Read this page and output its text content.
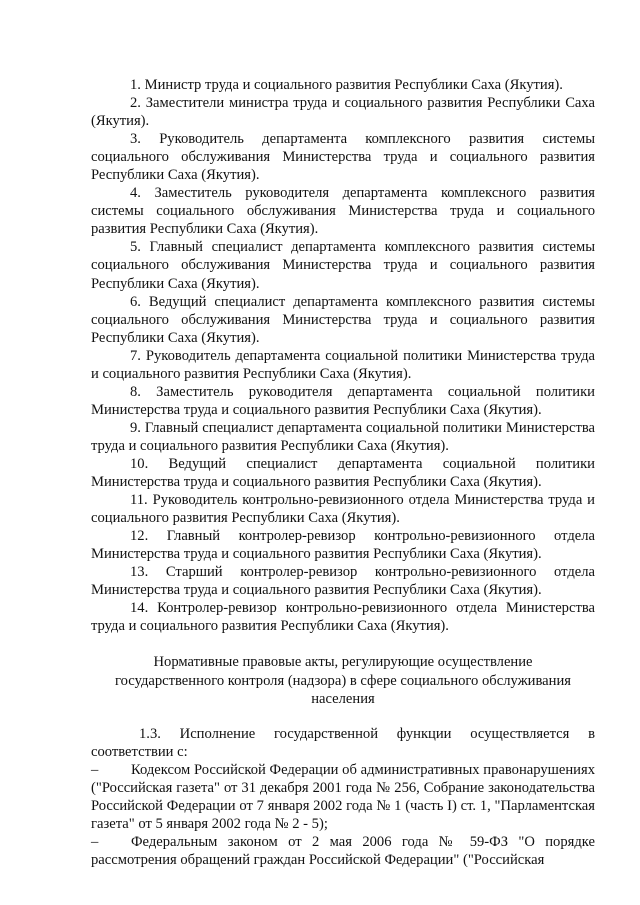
1. Министр труда и социального развития Республики Саха (Якутия).

2. Заместители министра труда и социального развития Республики Саха (Якутия).

3. Руководитель департамента комплексного развития системы социального обслуживания Министерства труда и социального развития Республики Саха (Якутия).

4. Заместитель руководителя департамента комплексного развития системы социального обслуживания Министерства труда и социального развития Республики Саха (Якутия).

5. Главный специалист департамента комплексного развития системы социального обслуживания Министерства труда и социального развития Республики Саха (Якутия).

6. Ведущий специалист департамента комплексного развития системы социального обслуживания Министерства труда и социального развития Республики Саха (Якутия).

7. Руководитель департамента социальной политики Министерства труда и социального развития Республики Саха (Якутия).

8. Заместитель руководителя департамента социальной политики Министерства труда и социального развития Республики Саха (Якутия).

9. Главный специалист департамента социальной политики Министерства труда и социального развития Республики Саха (Якутия).

10. Ведущий специалист департамента социальной политики Министерства труда и социального развития Республики Саха (Якутия).

11. Руководитель контрольно-ревизионного отдела Министерства труда и социального развития Республики Саха (Якутия).

12. Главный контролер-ревизор контрольно-ревизионного отдела Министерства труда и социального развития Республики Саха (Якутия).

13. Старший контролер-ревизор контрольно-ревизионного отдела Министерства труда и социального развития Республики Саха (Якутия).

14. Контролер-ревизор контрольно-ревизионного отдела Министерства труда и социального развития Республики Саха (Якутия).

Нормативные правовые акты, регулирующие осуществление
государственного контроля (надзора) в сфере социального обслуживания
населения

1.3. Исполнение государственной функции осуществляется в соответствии с:

– Кодексом Российской Федерации об административных правонарушениях ("Российская газета" от 31 декабря 2001 года № 256, Собрание законодательства Российской Федерации от 7 января 2002 года № 1 (часть I) ст. 1, "Парламентская газета" от 5 января 2002 года № 2 - 5);

– Федеральным законом от 2 мая 2006 года № 59-ФЗ "О порядке рассмотрения обращений граждан Российской Федерации" ("Российская
